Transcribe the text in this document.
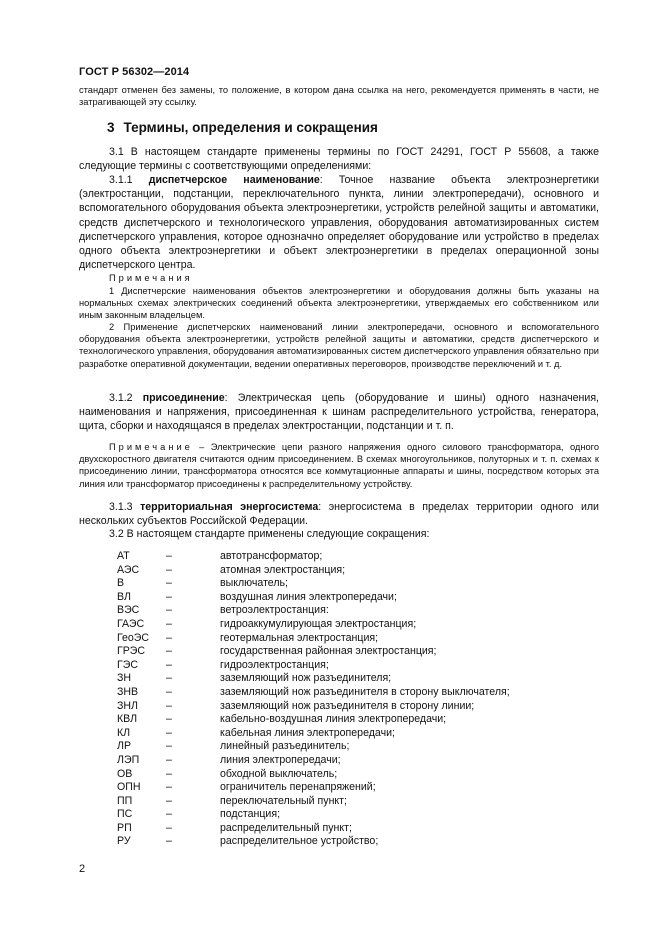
ГОСТ Р 56302—2014

стандарт отменен без замены, то положение, в котором дана ссылка на него, рекомендуется применять в части, не затрагивающей эту ссылку.

3 Термины, определения и сокращения

3.1 В настоящем стандарте применены термины по ГОСТ 24291, ГОСТ Р 55608, а также следующие термины с соответствующими определениями:

3.1.1 диспетчерское наименование: Точное название объекта электроэнергетики (электростанции, подстанции, переключательного пункта, линии электропередачи), основного и вспомогательного оборудования объекта электроэнергетики, устройств релейной защиты и автоматики, средств диспетчерского и технологического управления, оборудования автоматизированных систем диспетчерского управления, которое однозначно определяет оборудование или устройство в пределах одного объекта электроэнергетики и объект электроэнергетики в пределах операционной зоны диспетчерского центра.

Примечания

1 Диспетчерские наименования объектов электроэнергетики и оборудования должны быть указаны на нормальных схемах электрических соединений объекта электроэнергетики, утверждаемых его собственником или иным законным владельцем.

2 Применение диспетчерских наименований линии электропередачи, основного и вспомогательного оборудования объекта электроэнергетики, устройств релейной защиты и автоматики, средств диспетчерского и технологического управления, оборудования автоматизированных систем диспетчерского управления обязательно при разработке оперативной документации, ведении оперативных переговоров, производстве переключений и т. д.

3.1.2 присоединение: Электрическая цепь (оборудование и шины) одного назначения, наименования и напряжения, присоединенная к шинам распределительного устройства, генератора, щита, сборки и находящаяся в пределах электростанции, подстанции и т. п.

Примечание – Электрические цепи разного напряжения одного силового трансформатора, одного двухскоростного двигателя считаются одним присоединением. В схемах многоугольников, полуторных и т. п. схемах к присоединению линии, трансформатора относятся все коммутационные аппараты и шины, посредством которых эта линия или трансформатор присоединены к распределительному устройству.

3.1.3 территориальная энергосистема: энергосистема в пределах территории одного или нескольких субъектов Российской Федерации.

3.2 В настоящем стандарте применены следующие сокращения:

АТ	–	автотрансформатор;
АЭС	–	атомная электростанция;
В	–	выключатель;
ВЛ	–	воздушная линия электропередачи;
ВЭС	–	ветроэлектростанция:
ГАЭС –	гидроаккумулирующая электростанция;
ГеоЭС –	геотермальная электростанция;
ГРЭС –	государственная районная электростанция;
ГЭС	–	гидроэлектростанция;
ЗН	–	заземляющий нож разъединителя;
ЗНВ	–	заземляющий нож разъединителя в сторону выключателя;
ЗНЛ	–	заземляющий нож разъединителя в сторону линии;
КВЛ	–	кабельно-воздушная линия электропередачи;
КЛ	–	кабельная линия электропередачи;
ЛР	–	линейный разъединитель;
ЛЭП	–	линия электропередачи;
ОВ	–	обходной выключатель;
ОПН –	ограничитель перенапряжений;
ПП	–	переключательный пункт;
ПС	–	подстанция;
РП	–	распределительный пункт;
РУ	–	распределительное устройство;
2
